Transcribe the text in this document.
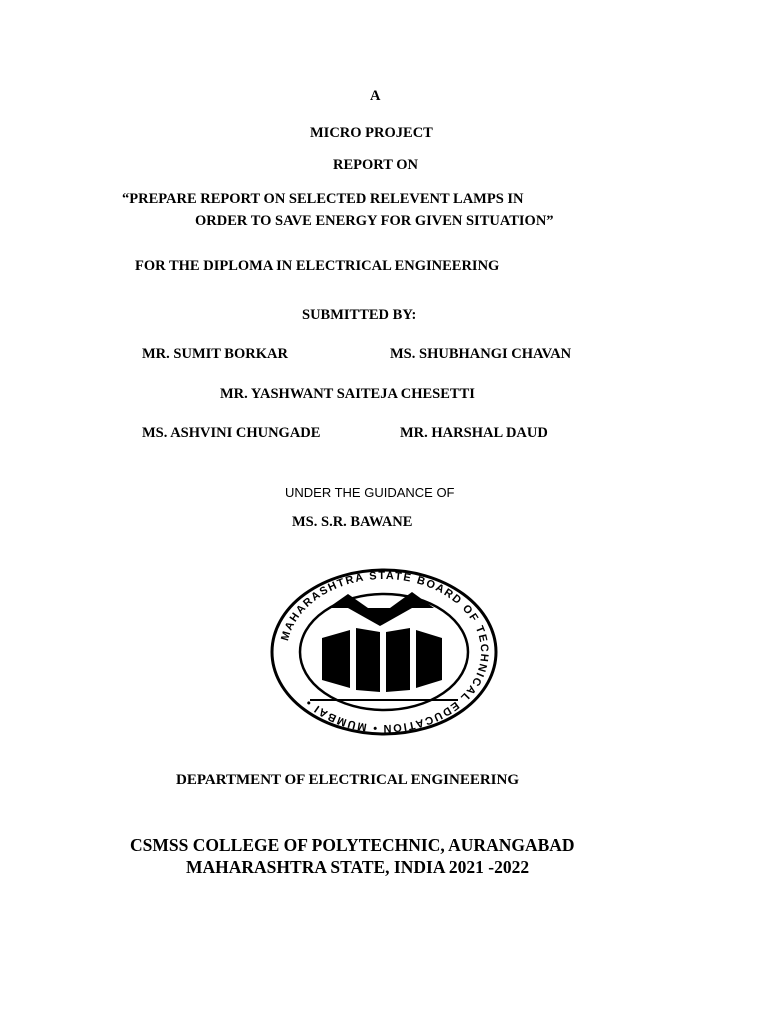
A
MICRO PROJECT
REPORT ON
“PREPARE REPORT ON SELECTED RELEVENT LAMPS IN
ORDER TO SAVE ENERGY FOR GIVEN SITUATION”
FOR THE DIPLOMA IN ELECTRICAL ENGINEERING
SUBMITTED BY:
MR. SUMIT BORKAR	MS. SHUBHANGI CHAVAN
MR. YASHWANT SAITEJA CHESETTI
MS. ASHVINI CHUNGADE	MR. HARSHAL DAUD
UNDER THE GUIDANCE OF
MS. S.R. BAWANE
MAHARASHTRA STATE BOARD OF TECHNICAL EDUCATION • MUMBAI •
DEPARTMENT OF ELECTRICAL ENGINEERING
CSMSS COLLEGE OF POLYTECHNIC, AURANGABAD
MAHARASHTRA STATE, INDIA 2021 -2022
